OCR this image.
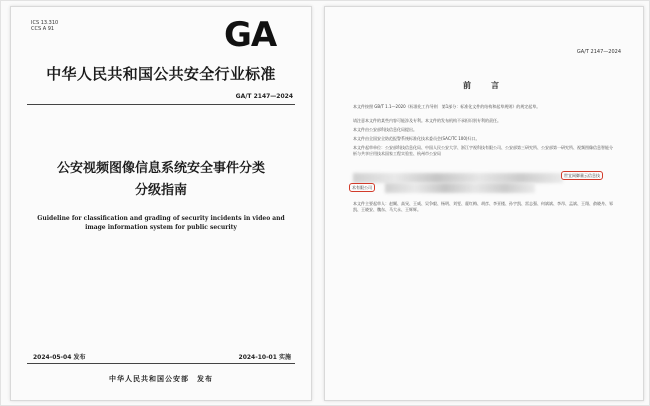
ICS 13.310
CCS A 91	GA
中华人民共和国公共安全行业标准
GA/T 2147—2024
公安视频图像信息系统安全事件分类
分级指南
Guideline for classification and grading of security incidents in video and image information system for public security
2024-05-04 发布	2024-10-01 实施
中华人民共和国公安部　发布
GA/T 2147—2024
前　言
本文件按照 GB/T 1.1—2020《标准化工作导则　第1部分：标准化文件的结构和起草规则》的规定起草。
请注意本文件的某些内容可能涉及专利。本文件的发布机构不承担识别专利的责任。
本文件由公安部科技信息化局提出。
本文件由全国安全防范报警系统标准化技术委员会(SAC/TC 100)归口。
本文件起草单位：公安部科技信息化局、中国人民公安大学、浙江宇视科技有限公司、公安部第三研究所、公安部第一研究所、视频图像信息智能分析与共享应用技术国家工程实验室、杭州市公安局
世宜网御量云信息技
术有限公司
本文件主要起草人：赵爾、高旻、王威、吴争毅、杨明、刘雯、霍红梅、胡彦、李亚楼、孙宇凯、雷志强、何斌斌、李昂、孟斌、王翔、俞晓舟、邹凯、王晓安、魏东、马大永、王辉辉。
